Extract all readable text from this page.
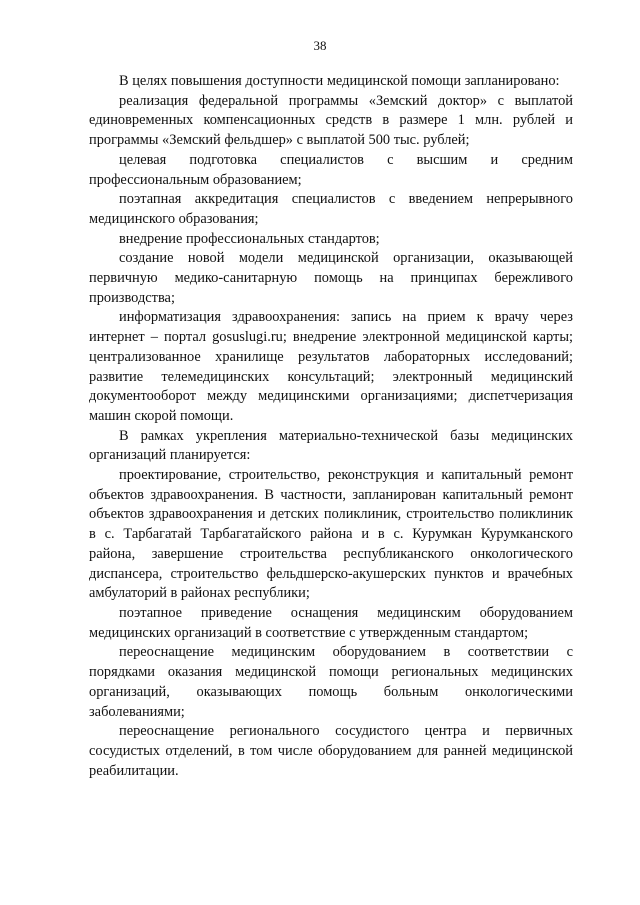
38

В целях повышения доступности медицинской помощи запланировано:

реализация федеральной программы «Земский доктор» с выплатой единовременных компенсационных средств в размере 1 млн. рублей и программы «Земский фельдшер» с выплатой 500 тыс. рублей;

целевая подготовка специалистов с высшим и средним профессиональным образованием;

поэтапная аккредитация специалистов с введением непрерывного медицинского образования;

внедрение профессиональных стандартов;

создание новой модели медицинской организации, оказывающей первичную медико-санитарную помощь на принципах бережливого производства;

информатизация здравоохранения: запись на прием к врачу через интернет – портал gosuslugi.ru; внедрение электронной медицинской карты; централизованное хранилище результатов лабораторных исследований; развитие телемедицинских консультаций; электронный медицинский документооборот между медицинскими организациями; диспетчеризация машин скорой помощи.

В рамках укрепления материально-технической базы медицинских организаций планируется:

проектирование, строительство, реконструкция и капитальный ремонт объектов здравоохранения. В частности, запланирован капитальный ремонт объектов здравоохранения и детских поликлиник, строительство поликлиник в с. Тарбагатай Тарбагатайского района и в с. Курумкан Курумканского района, завершение строительства республиканского онкологического диспансера, строительство фельдшерско-акушерских пунктов и врачебных амбулаторий в районах республики;

поэтапное приведение оснащения медицинским оборудованием медицинских организаций в соответствие с утвержденным стандартом;

переоснащение медицинским оборудованием в соответствии с порядками оказания медицинской помощи региональных медицинских организаций, оказывающих помощь больным онкологическими заболеваниями;

переоснащение регионального сосудистого центра и первичных сосудистых отделений, в том числе оборудованием для ранней медицинской реабилитации.
